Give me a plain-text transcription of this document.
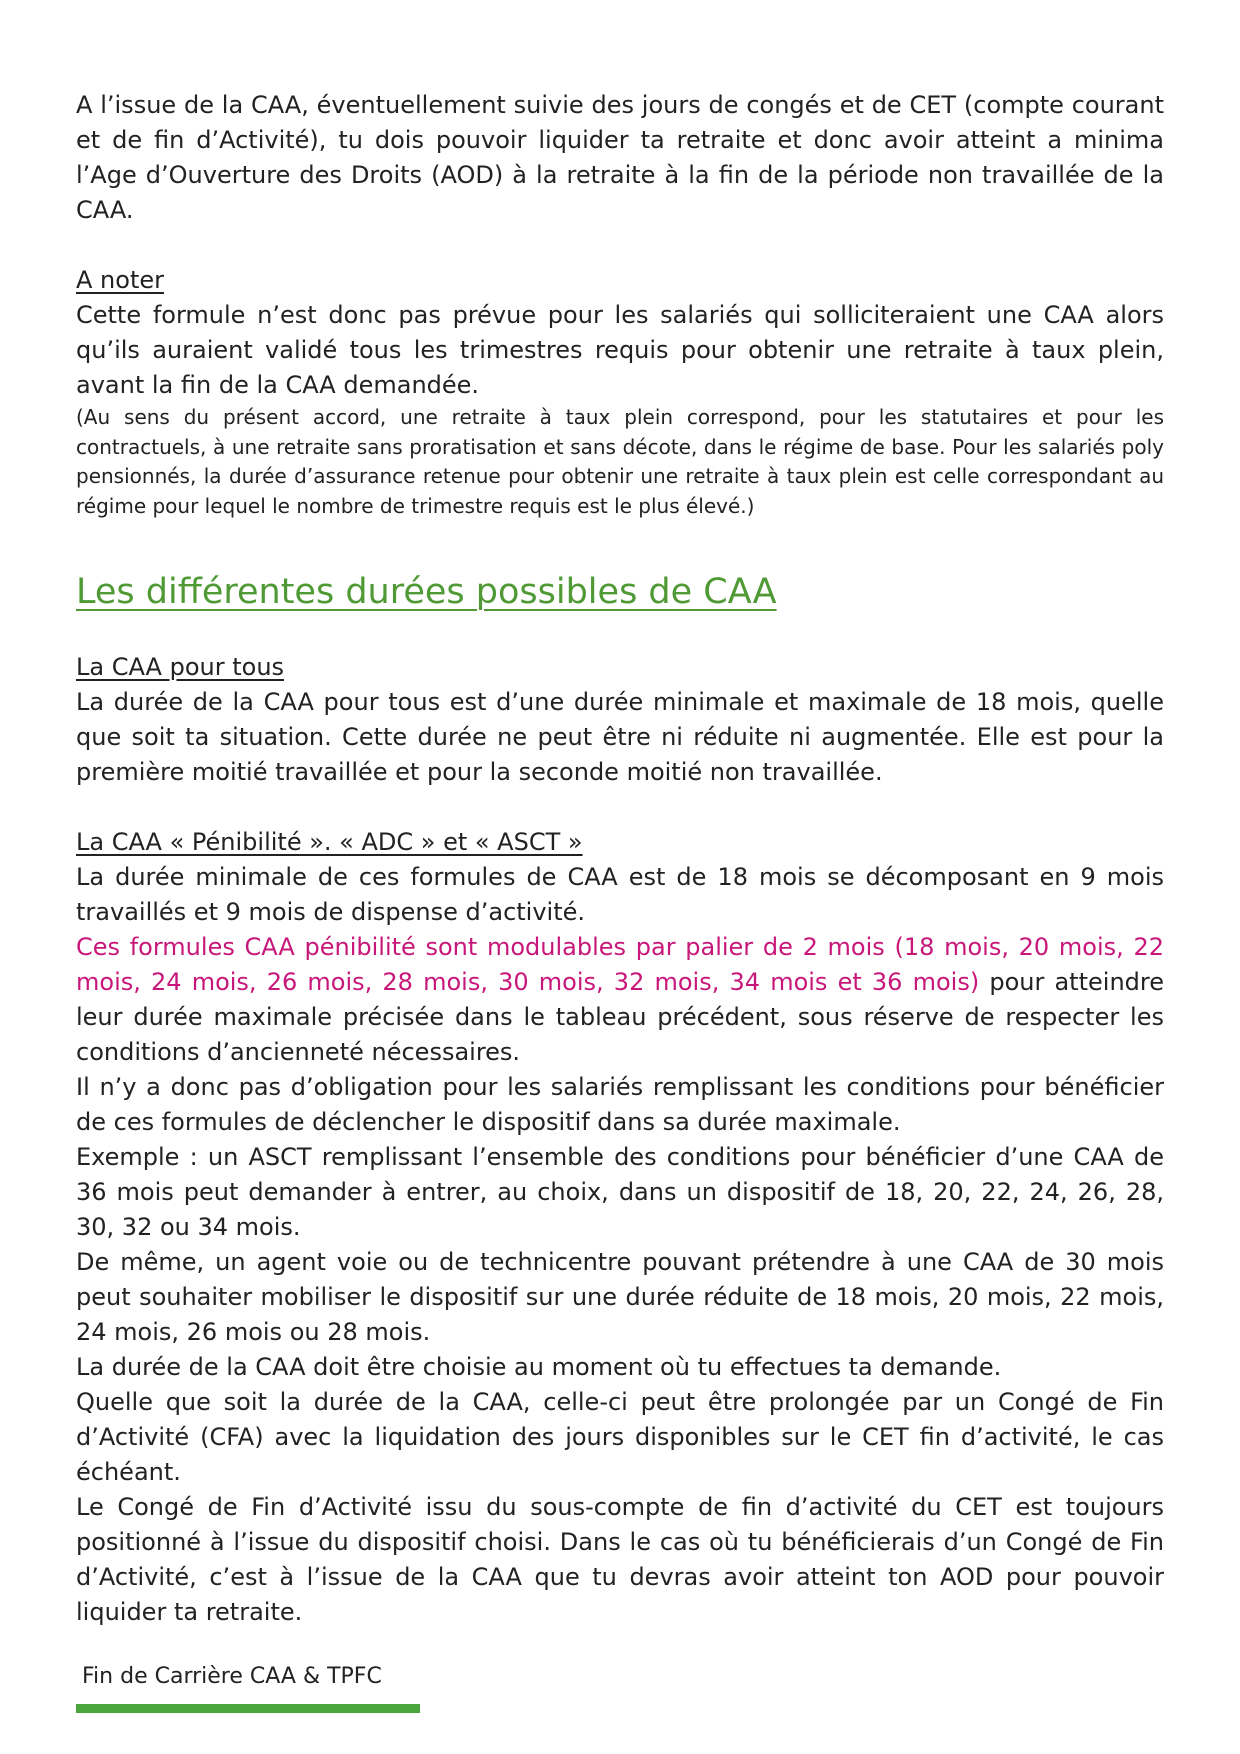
A l’issue de la CAA, éventuellement suivie des jours de congés et de CET (compte courant et de fin d’Activité), tu dois pouvoir liquider ta retraite et donc avoir atteint a minima l’Age d’Ouverture des Droits (AOD) à la retraite à la fin de la période non travaillée de la CAA.

A noter

Cette formule n’est donc pas prévue pour les salariés qui solliciteraient une CAA alors qu’ils auraient validé tous les trimestres requis pour obtenir une retraite à taux plein, avant la fin de la CAA demandée.

(Au sens du présent accord, une retraite à taux plein correspond, pour les statutaires et pour les contractuels, à une retraite sans proratisation et sans décote, dans le régime de base. Pour les salariés poly pensionnés, la durée d’assurance retenue pour obtenir une retraite à taux plein est celle correspondant au régime pour lequel le nombre de trimestre requis est le plus élevé.)

Les différentes durées possibles de CAA

La CAA pour tous

La durée de la CAA pour tous est d’une durée minimale et maximale de 18 mois, quelle que soit ta situation. Cette durée ne peut être ni réduite ni augmentée. Elle est pour la première moitié travaillée et pour la seconde moitié non travaillée.

La CAA « Pénibilité ». « ADC » et « ASCT »

La durée minimale de ces formules de CAA est de 18 mois se décomposant en 9 mois travaillés et 9 mois de dispense d’activité.

Ces formules CAA pénibilité sont modulables par palier de 2 mois (18 mois, 20 mois, 22 mois, 24 mois, 26 mois, 28 mois, 30 mois, 32 mois, 34 mois et 36 mois) pour atteindre leur durée maximale précisée dans le tableau précédent, sous réserve de respecter les conditions d’ancienneté nécessaires.

Il n’y a donc pas d’obligation pour les salariés remplissant les conditions pour bénéficier de ces formules de déclencher le dispositif dans sa durée maximale.

Exemple : un ASCT remplissant l’ensemble des conditions pour bénéficier d’une CAA de 36 mois peut demander à entrer, au choix, dans un dispositif de 18, 20, 22, 24, 26, 28, 30, 32 ou 34 mois.

De même, un agent voie ou de technicentre pouvant prétendre à une CAA de 30 mois peut souhaiter mobiliser le dispositif sur une durée réduite de 18 mois, 20 mois, 22 mois, 24 mois, 26 mois ou 28 mois.

La durée de la CAA doit être choisie au moment où tu effectues ta demande.

Quelle que soit la durée de la CAA, celle-ci peut être prolongée par un Congé de Fin d’Activité (CFA) avec la liquidation des jours disponibles sur le CET fin d’activité, le cas échéant.

Le Congé de Fin d’Activité issu du sous-compte de fin d’activité du CET est toujours positionné à l’issue du dispositif choisi. Dans le cas où tu bénéficierais d’un Congé de Fin d’Activité, c’est à l’issue de la CAA que tu devras avoir atteint ton AOD pour pouvoir liquider ta retraite.

Fin de Carrière CAA & TPFC
